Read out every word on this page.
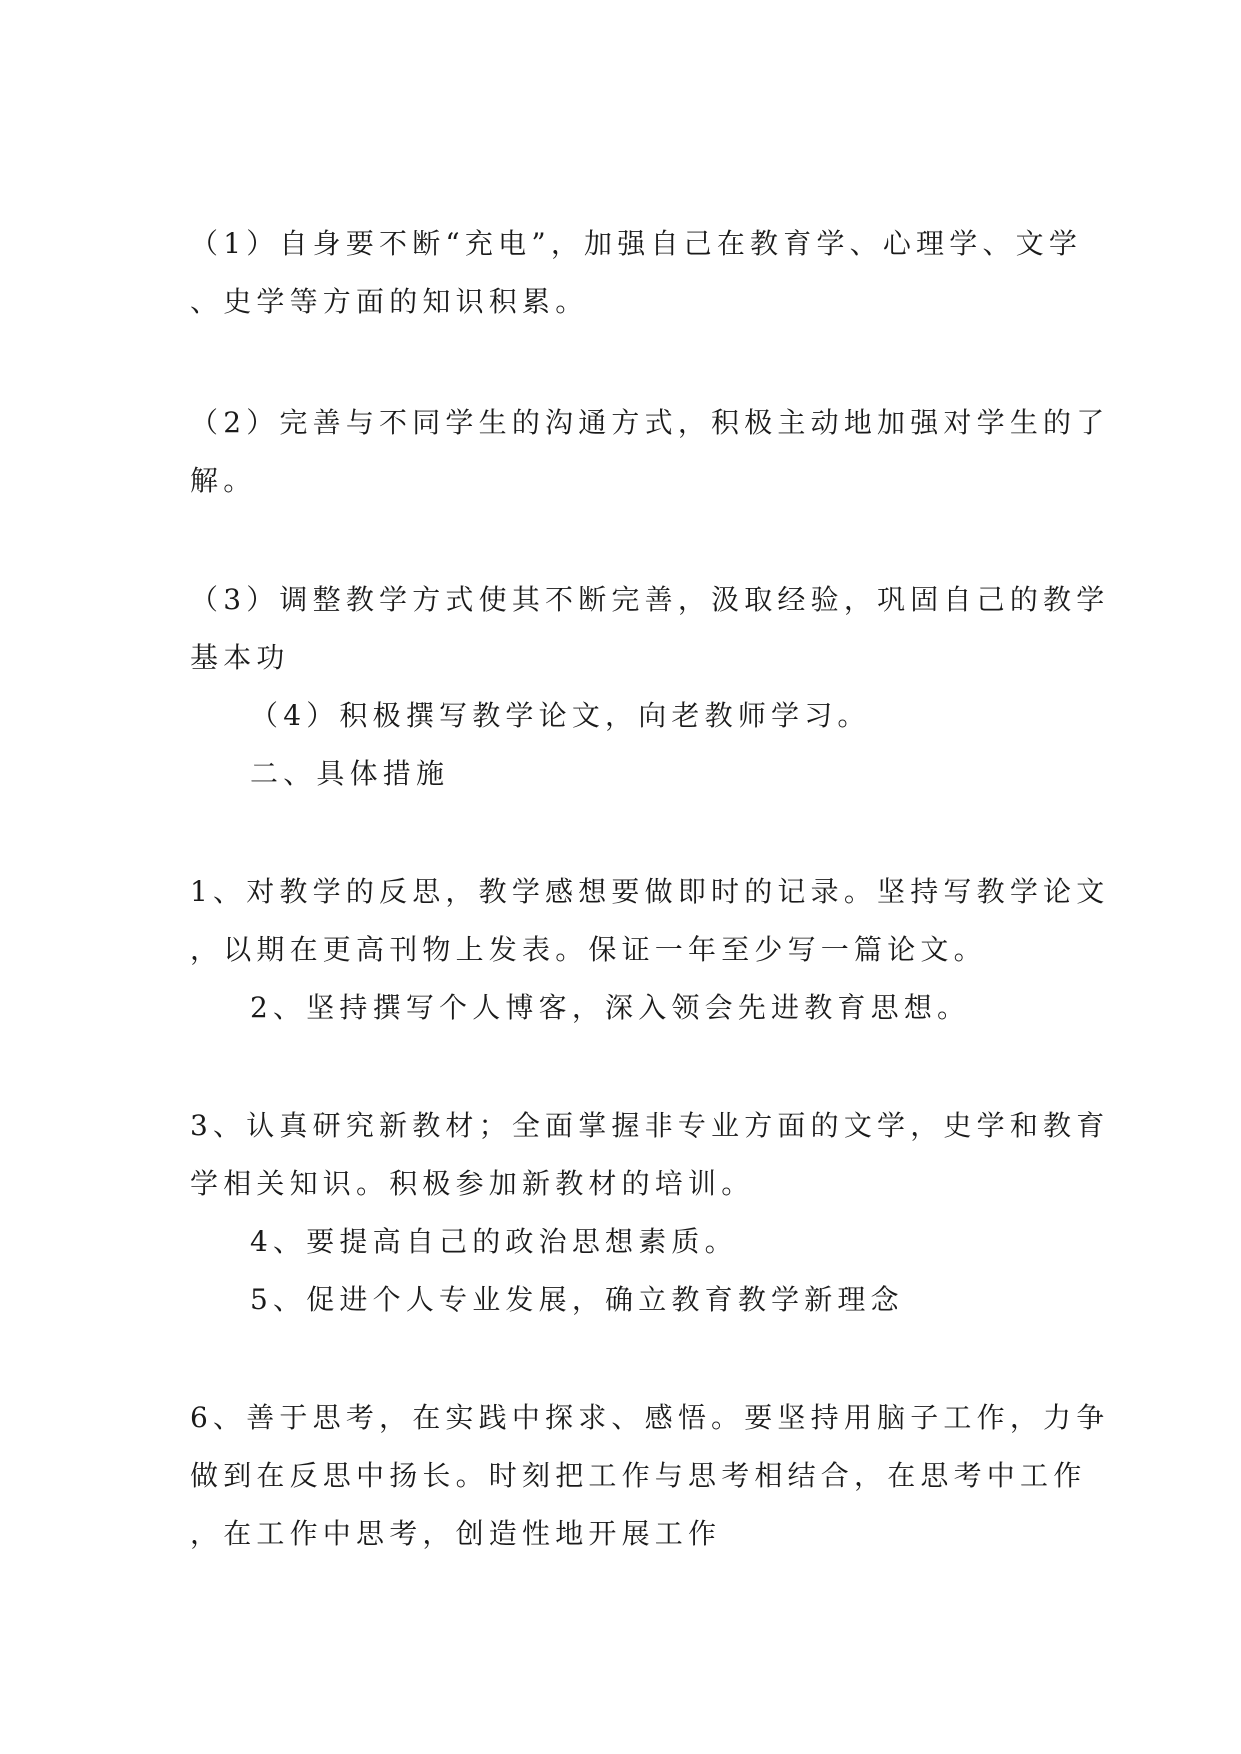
（1）自身要不断“充电”，加强自己在教育学、心理学、文学

、史学等方面的知识积累。

（2）完善与不同学生的沟通方式，积极主动地加强对学生的了

解。

（3）调整教学方式使其不断完善，汲取经验，巩固自己的教学

基本功

（4）积极撰写教学论文，向老教师学习。

二、具体措施

1、对教学的反思，教学感想要做即时的记录。坚持写教学论文

，以期在更高刊物上发表。保证一年至少写一篇论文。

2、坚持撰写个人博客，深入领会先进教育思想。

3、认真研究新教材；全面掌握非专业方面的文学，史学和教育

学相关知识。积极参加新教材的培训。

4、要提高自己的政治思想素质。

5、促进个人专业发展，确立教育教学新理念

6、善于思考，在实践中探求、感悟。要坚持用脑子工作，力争

做到在反思中扬长。时刻把工作与思考相结合，在思考中工作

，在工作中思考，创造性地开展工作
